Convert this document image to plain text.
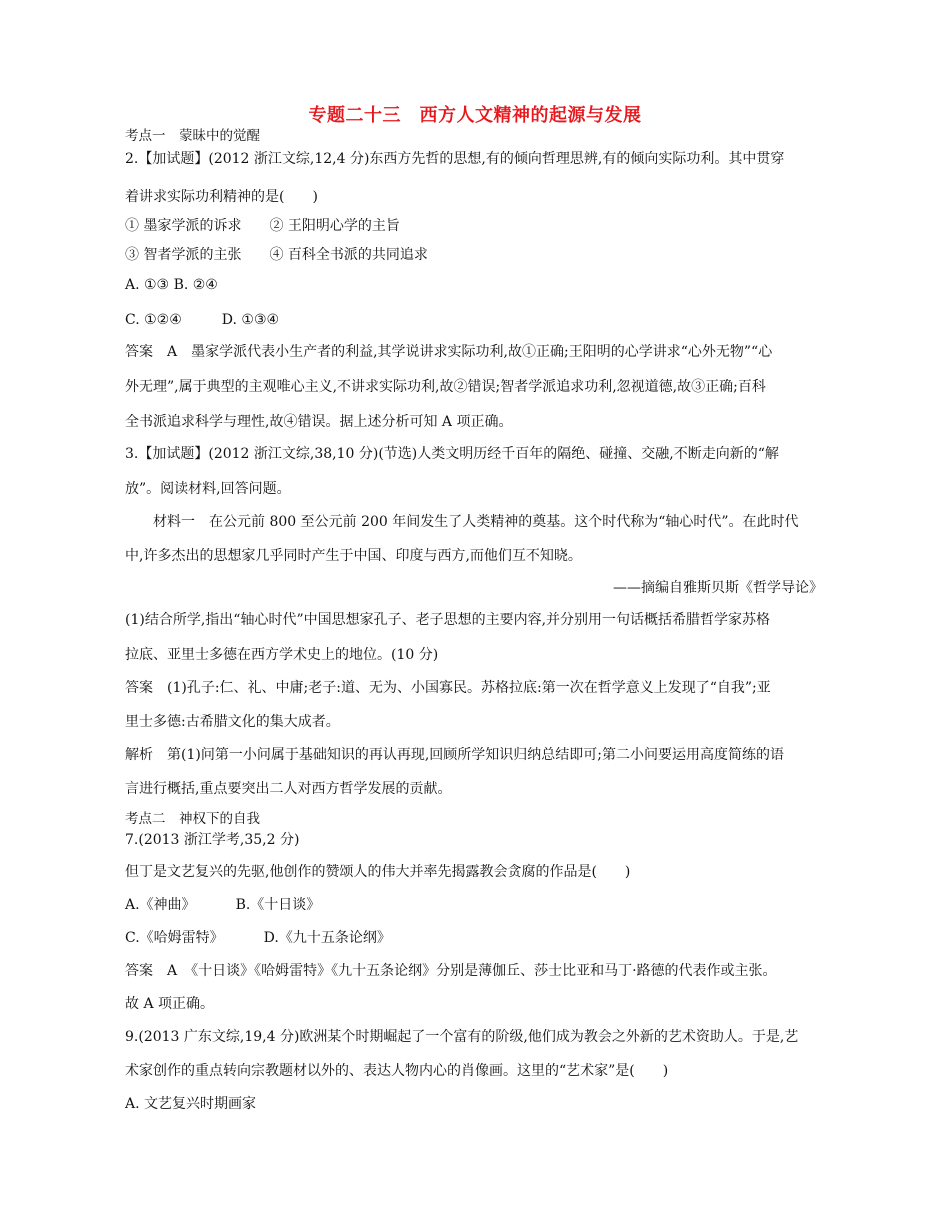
专题二十三　西方人文精神的起源与发展
考点一　蒙昧中的觉醒
2.【加试题】(2012 浙江文综,12,4 分)东西方先哲的思想,有的倾向哲理思辨,有的倾向实际功利。其中贯穿
着讲求实际功利精神的是(　　)
① 墨家学派的诉求 ② 王阳明心学的主旨
③ 智者学派的主张 ④ 百科全书派的共同追求
A. ①③ B. ②④
C. ①②④	D. ①③④
答案　A　墨家学派代表小生产者的利益,其学说讲求实际功利,故①正确;王阳明的心学讲求“心外无物”“心
外无理”,属于典型的主观唯心主义,不讲求实际功利,故②错误;智者学派追求功利,忽视道德,故③正确;百科
全书派追求科学与理性,故④错误。据上述分析可知 A 项正确。
3.【加试题】(2012 浙江文综,38,10 分)(节选)人类文明历经千百年的隔绝、碰撞、交融,不断走向新的“解
放”。阅读材料,回答问题。
　　材料一　在公元前 800 至公元前 200 年间发生了人类精神的奠基。这个时代称为“轴心时代”。在此时代
中,许多杰出的思想家几乎同时产生于中国、印度与西方,而他们互不知晓。
——摘编自雅斯贝斯《哲学导论》
(1)结合所学,指出“轴心时代”中国思想家孔子、老子思想的主要内容,并分别用一句话概括希腊哲学家苏格
拉底、亚里士多德在西方学术史上的地位。(10 分)
答案　(1)孔子:仁、礼、中庸;老子:道、无为、小国寡民。苏格拉底:第一次在哲学意义上发现了“自我”;亚
里士多德:古希腊文化的集大成者。
解析　第(1)问第一小问属于基础知识的再认再现,回顾所学知识归纳总结即可;第二小问要运用高度简练的语
言进行概括,重点要突出二人对西方哲学发展的贡献。
考点二　神权下的自我
7.(2013 浙江学考,35,2 分)
但丁是文艺复兴的先驱,他创作的赞颂人的伟大并率先揭露教会贪腐的作品是(　　)
A.《神曲》	B.《十日谈》
C.《哈姆雷特》	D.《九十五条论纲》
答案　A　《十日谈》《哈姆雷特》《九十五条论纲》分别是薄伽丘、莎士比亚和马丁·路德的代表作或主张。
故 A 项正确。
9.(2013 广东文综,19,4 分)欧洲某个时期崛起了一个富有的阶级,他们成为教会之外新的艺术资助人。于是,艺
术家创作的重点转向宗教题材以外的、表达人物内心的肖像画。这里的“艺术家”是(　　)
A. 文艺复兴时期画家
